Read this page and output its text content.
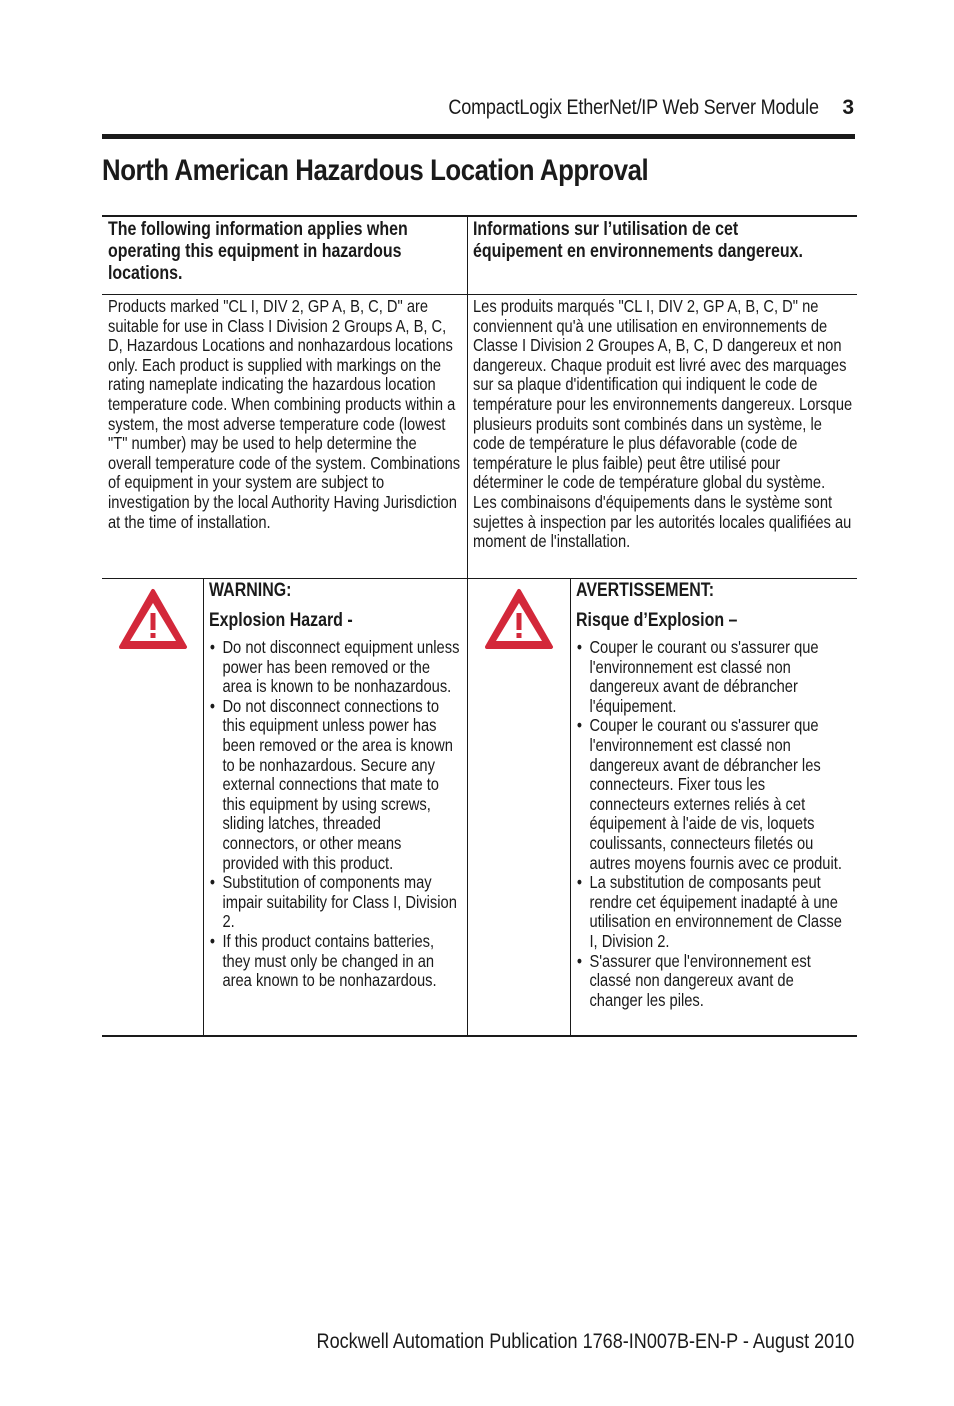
CompactLogix EtherNet/IP Web Server Module 3
North American Hazardous Location Approval
The following information applies when operating this equipment in hazardous locations.
Informations sur l’utilisation de cet équipement en environnements dangereux.
Products marked "CL I, DIV 2, GP A, B, C, D" are suitable for use in Class I Division 2 Groups A, B, C, D, Hazardous Locations and nonhazardous locations only. Each product is supplied with markings on the rating nameplate indicating the hazardous location temperature code. When combining products within a system, the most adverse temperature code (lowest "T" number) may be used to help determine the overall temperature code of the system. Combinations of equipment in your system are subject to investigation by the local Authority Having Jurisdiction at the time of installation.
Les produits marqués "CL I, DIV 2, GP A, B, C, D" ne conviennent qu'à une utilisation en environnements de Classe I Division 2 Groupes A, B, C, D dangereux et non dangereux. Chaque produit est livré avec des marquages sur sa plaque d'identification qui indiquent le code de température pour les environnements dangereux. Lorsque plusieurs produits sont combinés dans un système, le code de température le plus défavorable (code de température le plus faible) peut être utilisé pour déterminer le code de température global du système. Les combinaisons d'équipements dans le système sont sujettes à inspection par les autorités locales qualifiées au moment de l'installation.
WARNING:
Explosion Hazard -
• Do not disconnect equipment unless power has been removed or the area is known to be nonhazardous.
• Do not disconnect connections to this equipment unless power has been removed or the area is known to be nonhazardous. Secure any external connections that mate to this equipment by using screws, sliding latches, threaded connectors, or other means provided with this product.
• Substitution of components may impair suitability for Class I, Division 2.
• If this product contains batteries, they must only be changed in an area known to be nonhazardous.
AVERTISSEMENT:
Risque d’Explosion –
• Couper le courant ou s'assurer que l'environnement est classé non dangereux avant de débrancher l'équipement.
• Couper le courant ou s'assurer que l'environnement est classé non dangereux avant de débrancher les connecteurs. Fixer tous les connecteurs externes reliés à cet équipement à l'aide de vis, loquets coulissants, connecteurs filetés ou autres moyens fournis avec ce produit.
• La substitution de composants peut rendre cet équipement inadapté à une utilisation en environnement de Classe I, Division 2.
• S'assurer que l'environnement est classé non dangereux avant de changer les piles.
Rockwell Automation Publication 1768-IN007B-EN-P - August 2010
